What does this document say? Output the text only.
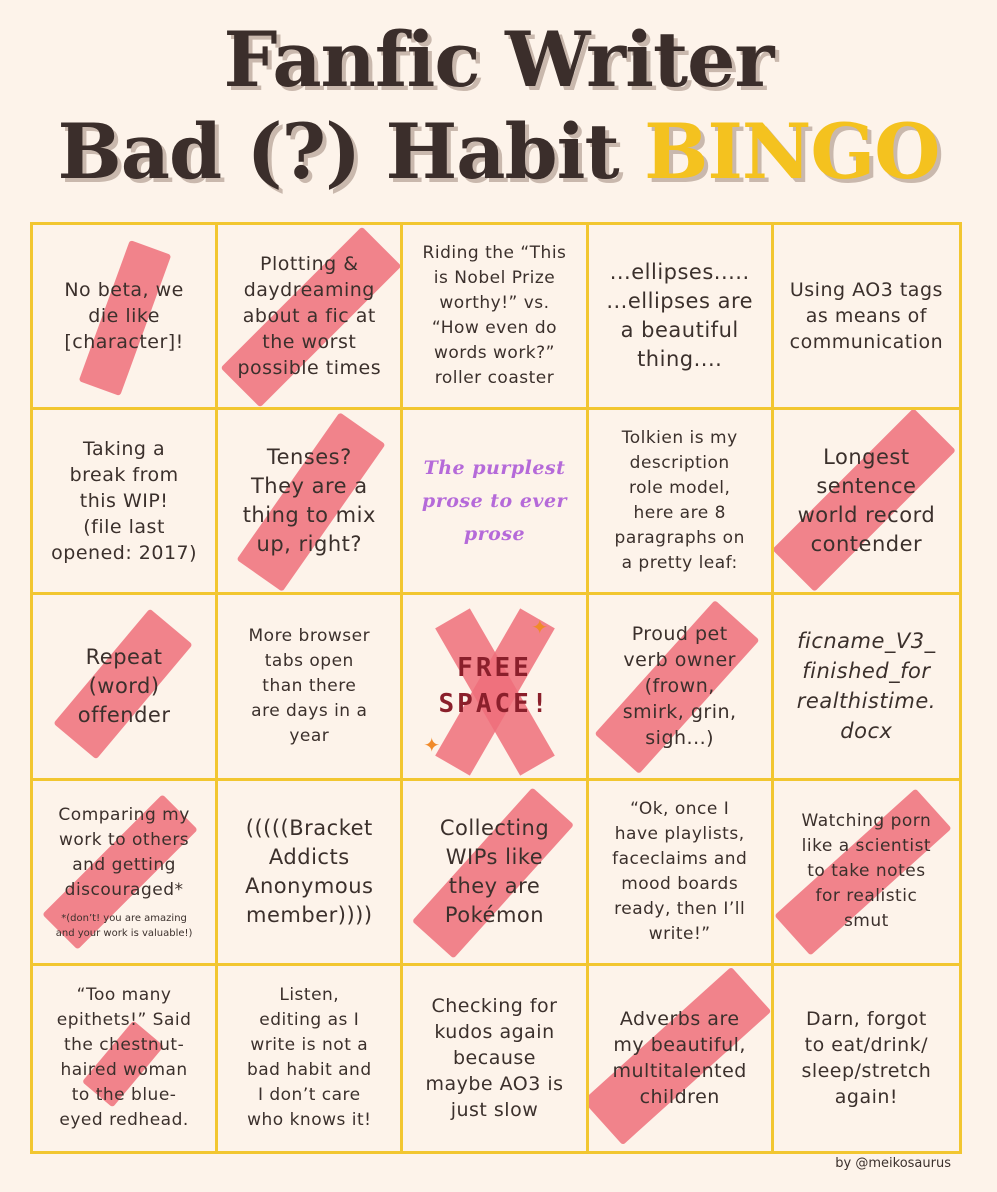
Fanfic Writer
Bad (?) Habit BINGO
No beta, we
die like
[character]!
Plotting &
daydreaming
about a fic at
the worst
possible times
Riding the “This
is Nobel Prize
worthy!” vs.
“How even do
words work?”
roller coaster
...ellipses.....
...ellipses are
a beautiful
thing....
Using AO3 tags
as means of
communication
Taking a
break from
this WIP!
(file last
opened: 2017)
Tenses?
They are a
thing to mix
up, right?
The purplest
prose to ever
prose
Tolkien is my
description
role model,
here are 8
paragraphs on
a pretty leaf:
Longest
sentence
world record
contender
Repeat
(word)
offender
More browser
tabs open
than there
are days in a
year
✦
✦
FREE
SPACE!
Proud pet
verb owner
(frown,
smirk, grin,
sigh...)
ficname_V3_
finished_for
realthistime.
docx
Comparing my
work to others
and getting
discouraged*
*(don’t! you are amazing
and your work is valuable!)
(((((Bracket
Addicts
Anonymous
member))))
Collecting
WIPs like
they are
Pokémon
“Ok, once I
have playlists,
faceclaims and
mood boards
ready, then I’ll
write!”
Watching porn
like a scientist
to take notes
for realistic
smut
“Too many
epithets!” Said
the chestnut-
haired woman
to the blue-
eyed redhead.
Listen,
editing as I
write is not a
bad habit and
I don’t care
who knows it!
Checking for
kudos again
because
maybe AO3 is
just slow
Adverbs are
my beautiful,
multitalented
children
Darn, forgot
to eat/drink/
sleep/stretch
again!
by @meikosaurus
